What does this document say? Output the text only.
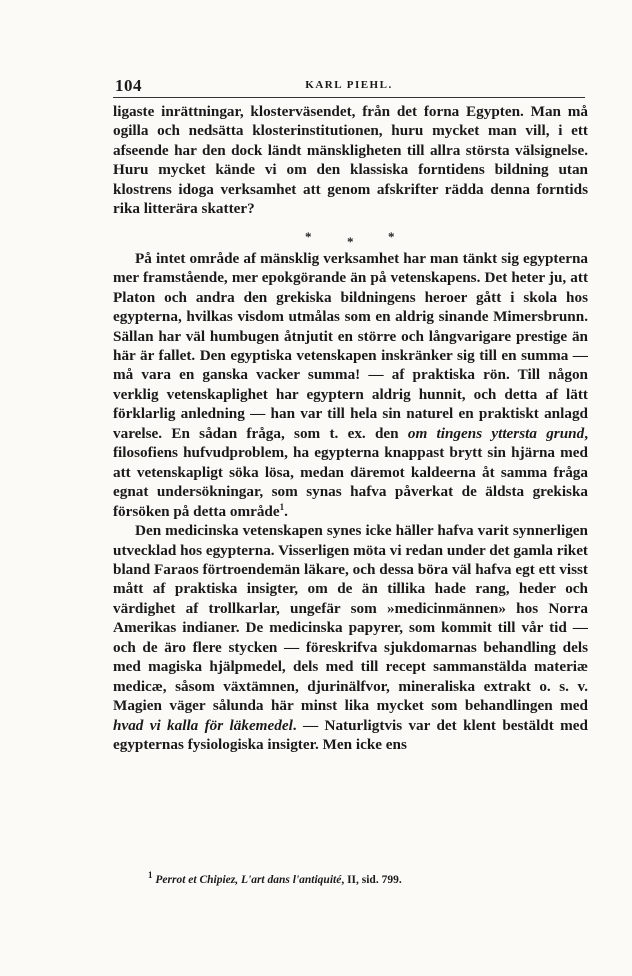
104	KARL PIEHL.

ligaste inrättningar, klosterväsendet, från det forna Egypten. Man må ogilla och nedsätta klosterinstitutionen, huru mycket man vill, i ett afseende har den dock ländt mänskligheten till allra största välsignelse. Huru mycket kände vi om den klassiska forntidens bildning utan klostrens idoga verksamhet att genom afskrifter rädda denna forntids rika litterära skatter?

*	*	*

På intet område af mänsklig verksamhet har man tänkt sig egypterna mer framstående, mer epokgörande än på vetenskapens. Det heter ju, att Platon och andra den grekiska bildningens heroer gått i skola hos egypterna, hvilkas visdom utmålas som en aldrig sinande Mimersbrunn. Sällan har väl humbugen åtnjutit en större och långvarigare prestige än här är fallet. Den egyptiska vetenskapen inskränker sig till en summa — må vara en ganska vacker summa! — af praktiska rön. Till någon verklig vetenskaplighet har egyptern aldrig hunnit, och detta af lätt förklarlig anledning — han var till hela sin naturel en praktiskt anlagd varelse. En sådan fråga, som t. ex. den om tingens yttersta grund, filosofiens hufvudproblem, ha egypterna knappast brytt sin hjärna med att vetenskapligt söka lösa, medan däremot kaldeerna åt samma fråga egnat undersökningar, som synas hafva påverkat de äldsta grekiska försöken på detta område$^1$.

Den medicinska vetenskapen synes icke häller hafva varit synnerligen utvecklad hos egypterna. Visserligen möta vi redan under det gamla riket bland Faraos förtroendemän läkare, och dessa böra väl hafva egt ett visst mått af praktiska insigter, om de än tillika hade rang, heder och värdighet af trollkarlar, ungefär som »medicinmännen» hos Norra Amerikas indianer. De medicinska papyrer, som kommit till vår tid — och de äro flere stycken — föreskrifva sjukdomarnas behandling dels med magiska hjälpmedel, dels med till recept sammanstälda materiæ medicæ, såsom växtämnen, djurinälfvor, mineraliska extrakt o. s. v. Magien väger sålunda här minst lika mycket som behandlingen med hvad vi kalla för läkemedel. — Naturligtvis var det klent bestäldt med egypternas fysiologiska insigter. Men icke ens

$^1$ Perrot et Chipiez, L'art dans l'antiquité, II, sid. 799.
